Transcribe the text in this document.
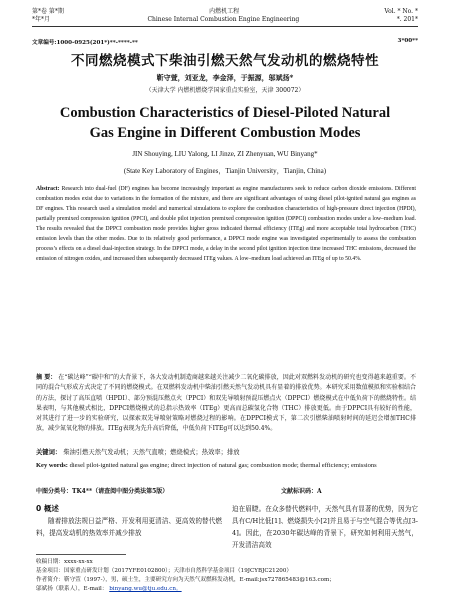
第*卷 第*期	内燃机工程	Vol. * No. *
*年*月	Chinese Internal Combustion Engine Engineering	*. 201*
文章编号:1000-0925(201*)**-****-**	3*00**
不同燃烧模式下柴油引燃天然气发动机的燃烧特性
靳守萱，刘亚龙，李金泽，于振源，邬斌扬*
（天津大学 内燃机燃烧学国家重点实验室，天津 300072）
Combustion Characteristics of Diesel-Piloted Natural
Gas Engine in Different Combustion Modes
JIN Shouying, LIU Yalong, LI Jinze, ZI Zhenyuan, WU Binyang*
(State Key Laboratory of Engines，Tianjin University，Tianjin, China)
Abstract: Research into dual-fuel (DF) engines has become increasingly important as engine manufacturers seek to reduce carbon dioxide emissions. Different combustion modes exist due to variations in the formation of the mixture, and there are significant advantages of using diesel pilot-ignited natural gas engines as DF engines. This research used a simulation model and numerical simulations to explore the combustion characteristics of high-pressure direct injection (HPDI), partially premixed compression ignition (PPCI), and double pilot injection premixed compression ignition (DPPCI) combustion modes under a low–medium load. The results revealed that the DPPCI combustion mode provides higher gross indicated thermal efficiency (ITEg) and more acceptable total hydrocarbon (THC) emission levels than the other modes. Due to its relatively good performance, a DPPCI mode engine was investigated experimentally to assess the combustion process’s effects on a diesel dual-injection strategy. In the DPPCI mode, a delay in the second pilot ignition injection time increased THC emissions, decreased the emission of nitrogen oxides, and increased then subsequently decreased ITEg values. A low–medium load achieved an ITEg of up to 50.4%.
摘 要： 在“碳达峰”“碳中和”的大背景下，各大发动机制造商越来越关注减少二氧化碳排放，因此对双燃料发动机的研究也变得越来越重要。不同的混合气形成方式决定了不同的燃烧模式。在双燃料发动机中柴油引燃天然气发动机具有显着的排放优势。本研究采用数值模拟和实验相结合的方法，探讨了高压直喷（HPDI）、部分预混压燃点火（PPCI）和双先导喷射预混压燃点火（DPPCI）燃烧模式在中低负荷下的燃烧特性。结果表明，与其他模式相比，DPPCI燃烧模式的总指示热效率（ITEg）更高而总碳氢化合物（THC）排放更低。由于DPPCI具有较好的性能，对其进行了进一步的实验研究，以探索双先导喷射策略对燃烧过程的影响。在DPPCI模式下，第二次引燃柴油喷射时间的延迟会增加THC排放，减少氮氧化物的排放。ITEg表现为先升高后降低，中低负荷下ITEg可以达到50.4%。
关键词： 柴油引燃天然气发动机；天然气直喷；燃烧模式；热效率；排放
Key words: diesel pilot-ignited natural gas engine; direct injection of natural gas; combustion mode; thermal efficiency; emissions
中图分类号：TK4**（请查阅中图分类法第5版）	文献标识码：A
0 概述
随着排放法规日益严格、开发利用更清洁、更高效的替代燃料，提高发动机的热效率并减少排放
迫在眉睫。在众多替代燃料中，天然气具有显著的优势，因为它具有C/H比低[1]、燃烧损失小[2]并且易于与空气混合等优点[3-4]。因此，在2030年碳达峰的背景下，研究如何利用天然气，开发清洁高效
收稿日期：xxxx-xx-xx
基金项目：国家重点研发计划（2017YFE0102800）；天津市自然科学基金项目（19JCYBJC21200）
作者简介：靳守萱（1997-），男，硕士生，主要研究方向为天然气双燃料发动机，E-mail:jsx727865483@163.com；
邬斌扬（联系人），E-mail： binyang.wu@tju.edu.cn。
